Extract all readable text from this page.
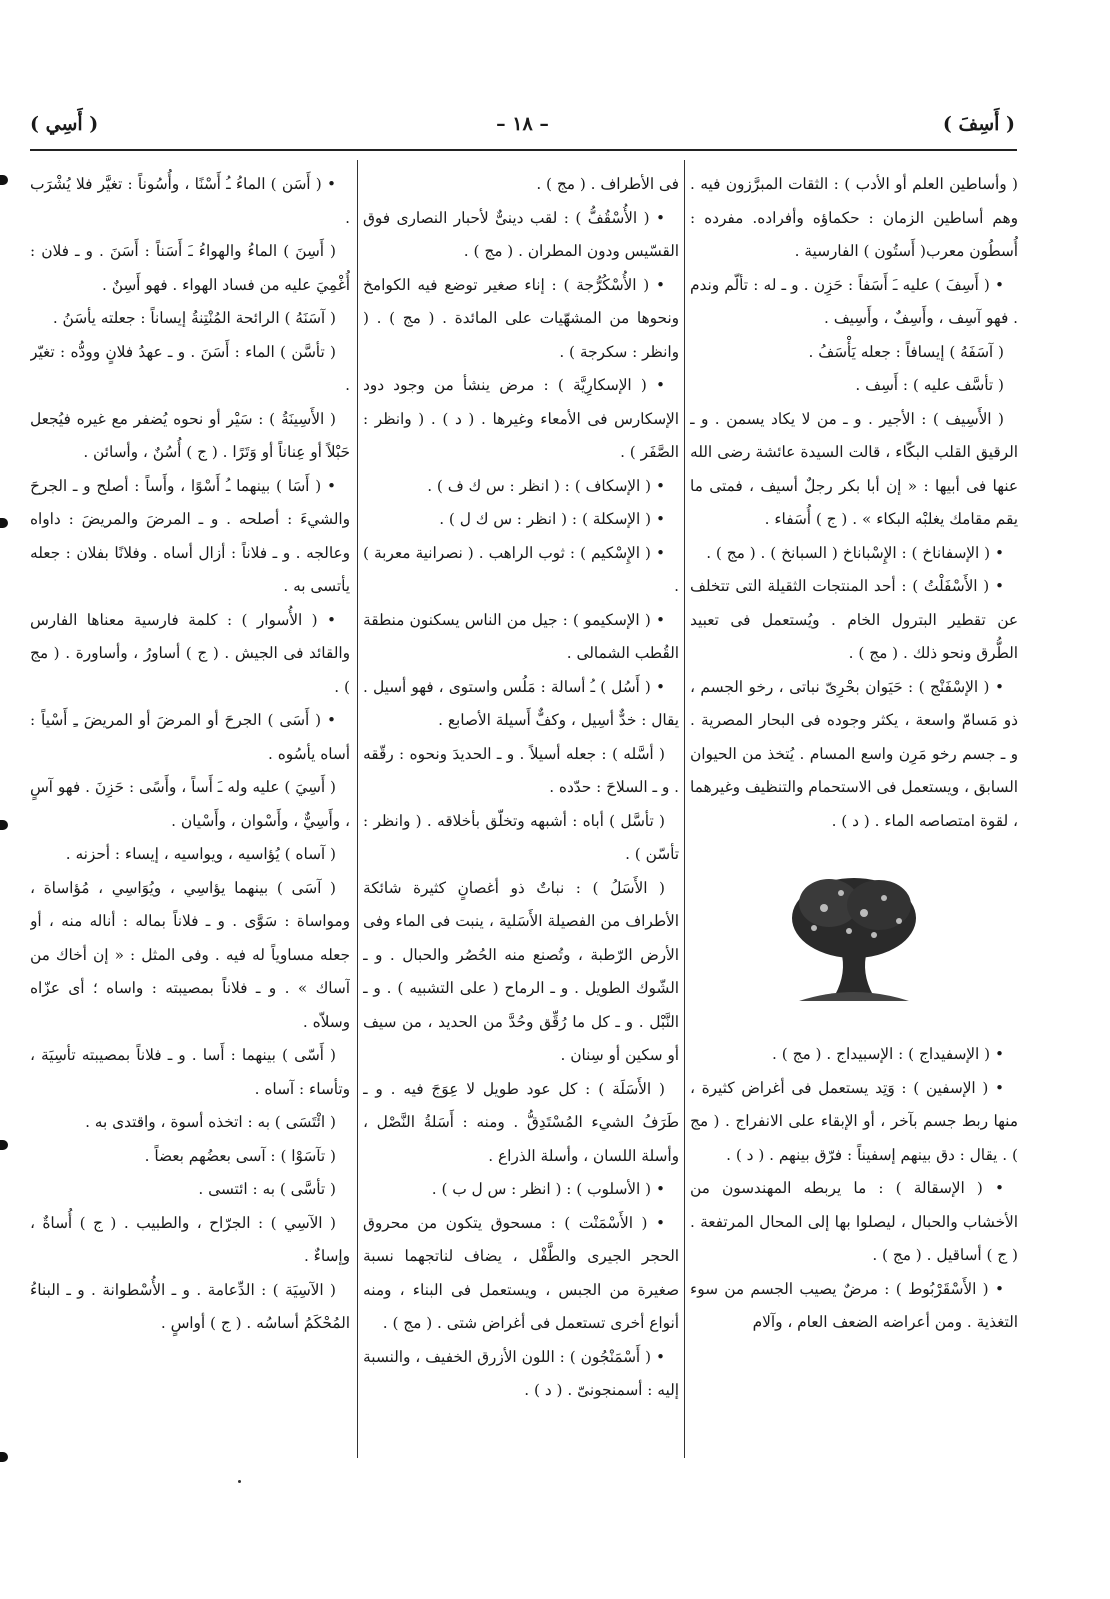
( أَسِفَ )
– ١٨ –
( أَسِي )

( وأساطين العلم أو الأدب ) : الثقات المبرَّزون فيه . وهم أساطين الزمان : حكماؤه وأفراده. مفرده : أُسطُون معرب( أَستُون ) الفارسية .

• ( أَسِفَ ) عليه ـَ أَسَفاً : حَزِن . و ـ له : تألّم وندم . فهو آسِف ، وأَسِفٌ ، وأَسِيف .

( آسَفَهُ ) إيسافاً : جعله يَأْسَفُ .

( تأسَّف عليه ) : أَسِف .

( الأَسِيف ) : الأجير . و ـ من لا يكاد يسمن . و ـ الرقيق القلب البكّاء ، قالت السيدة عائشة رضى الله عنها فى أبيها : « إن أبا بكر رجلٌ أسيف ، فمتى ما يقم مقامك يغلبْه البكاء » . ( ج ) أُسَفاء .

• ( الإسفاناخ ) : الإِسْباناخ ( السبانخ ) . ( مج ) .

• ( الأَسْفَلْتُ ) : أحد المنتجات الثقيلة التى تتخلف عن تقطير البترول الخام . ويُستعمل فى تعبيد الطُّرق ونحو ذلك . ( مج ) .

• ( الإسْفَنْج ) : حَيَوان بحْرِىّ نباتى ، رخو الجسم ، ذو مَسامّ واسعة ، يكثر وجوده فى البحار المصرية . و ـ جسم رخو مَرِن واسع المسام . يُتخذ من الحيوان السابق ، ويستعمل فى الاستحمام والتنظيف وغيرهما ، لقوة امتصاصه الماء . ( د ) .

• ( الإسفيداج ) : الإسبيداج . ( مج ) .

• ( الإسفين ) : وَتِد يستعمل فى أغراض كثيرة ، منها ربط جسم بآخر ، أو الإبقاء على الانفراج . ( مج ) . يقال : دق بينهم إسفيناً : فرّق بينهم . ( د ) .

• ( الإسقالة ) : ما يربطه المهندسون من الأخشاب والحبال ، ليصلوا بها إلى المحال المرتفعة . ( ج ) أساقيل . ( مج ) .

• ( الأَسْقَرْبُوط ) : مرضٌ يصيب الجسم من سوء التغذية . ومن أعراضه الضعف العام ، وآلام

فى الأطراف . ( مج ) .

• ( الأُسْقُفُّ ) : لقب دينىٌّ لأحبار النصارى فوق القسّيس ودون المطران . ( مج ) .

• ( الأُسْكُرُّجة ) : إناء صغير توضع فيه الكوامخ ونحوها من المشهّيات على المائدة . ( مج ) . ( وانظر : سكرجة ) .

• ( الإسكارِيَّة ) : مرض ينشأ من وجود دود الإسكارس فى الأمعاء وغيرها . ( د ) . ( وانظر : الصَّفَر ) .

• ( الإسكاف ) : ( انظر : س ك ف ) .

• ( الإسكلة ) : ( انظر : س ك ل ) .

• ( الإِسْكيم ) : ثوب الراهب . ( نصرانية معربة ) .

• ( الإسكيمو ) : جيل من الناس يسكنون منطقة القُطب الشمالى .

• ( أَسُل ) ـُ أسالة : مَلُس واستوى ، فهو أسيل . يقال : خدٌّ أسِيل ، وكفٌّ أَسيلة الأصابع .

( أسَّله ) : جعله أسيلاً . و ـ الحديدَ ونحوه : رقّقه . و ـ السلاحَ : حدّده .

( تأسَّل ) أباه : أشبهه وتخلّق بأخلاقه . ( وانظر : تأسّن ) .

( الأَسَلُ ) : نباتٌ ذو أغصانٍ كثيرة شائكة الأطراف من الفصيلة الأَسَلية ، ينبت فى الماء وفى الأرض الرّطبة ، وتُصنع منه الحُصُر والحبال . و ـ الشّوك الطويل . و ـ الرماح ( على التشبيه ) . و ـ النَّبْل . و ـ كل ما رُقِّق وحُدَّ من الحديد ، من سيف أو سكين أو سِنان .

( الأَسَلَة ) : كل عود طويل لا عِوَجَ فيه . و ـ طَرَفُ الشيء المُسْتَدِقُّ . ومنه : أَسَلةُ النَّصْل ، وأسلة اللسان ، وأسلة الذراع .

• ( الأسلوب ) : ( انظر : س ل ب ) .

• ( الأَسْمَنْت ) : مسحوق يتكون من محروق الحجر الجيرى والطَّفْل ، يضاف لناتجهما نسبة صغيرة من الجبس ، ويستعمل فى البناء ، ومنه أنواع أخرى تستعمل فى أغراض شتى . ( مج ) .

• ( أَسْمَنْجُون ) : اللون الأزرق الخفيف ، والنسبة إليه : أسمنجونىّ . ( د ) .

• ( أَسَن ) الماءُ ـُ أَسْنًا ، وأُسُوناً : تغيَّر فلا يُشْرَب .

( أَسِنَ ) الماءُ والهواءُ ـَ أَسَناً : أَسَنَ . و ـ فلان : أُغْمِيَ عليه من فساد الهواء . فهو أَسِنٌ .

( آسَنَهُ ) الرائحة المُنْتِنةُ إيساناً : جعلته يأسَنُ .

( تأسَّن ) الماء : أَسَنَ . و ـ عهدُ فلانٍ وودُّه : تغيّر .

( الأَسِينَةُ ) : سَيْر أو نحوه يُضفر مع غيره فيُجعل حَبْلاً أو عِناناً أو وَتَرًا . ( ج ) أُسُنٌ ، وأسائن .

• ( أَسَا ) بينهما ـُ أَسْوًا ، وأَساً : أصلح و ـ الجرحَ والشيءَ : أصلحه . و ـ المرضَ والمريضَ : داواه وعالجه . و ـ فلاناً : أزال أساه . وفلانًا بفلان : جعله يأتسى به .

• ( الأُسوار ) : كلمة فارسية معناها الفارس والقائد فى الجيش . ( ج ) أساورُ ، وأساورة . ( مج ) .

• ( أَسَى ) الجرحَ أو المرضَ أو المريضَ ـِ أَسْياً : أساه يأسُوه .

( أَسِيَ ) عليه وله ـَ أَساً ، وأَسًى : حَزِنَ . فهو آسٍ ، وأَسِيٌّ ، وأَسْوان ، وأَسْيان .

( آساه ) يُؤاسيه ، ويواسيه ، إيساء : أحزنه .

( آسَى ) بينهما يؤاسِي ، ويُوَاسِي ، مُؤاساة ، ومواساة : سَوَّى . و ـ فلاناً بماله : أناله منه ، أو جعله مساوياً له فيه . وفى المثل : « إن أخاك من آساك » . و ـ فلاناً بمصيبته : واساه ؛ أى عزّاه وسلاّه .

( أَسّى ) بينهما : أَسا . و ـ فلاناً بمصيبته تأسِيَة ، وتأساء : آساه .

( ائْتَسَى ) به : اتخذه أسوة ، واقتدى به .

( تآسَوْا ) : آسى بعضُهم بعضاً .

( تأسَّى ) به : ائتسى .

( الآسِي ) : الجرّاح ، والطبيب . ( ج ) أُساةٌ ، وإساءٌ .

( الآسِيَة ) : الدِّعامة . و ـ الأُسْطوانة . و ـ البناءُ المُحْكَمُ أساسُه . ( ج ) أواسٍ .
